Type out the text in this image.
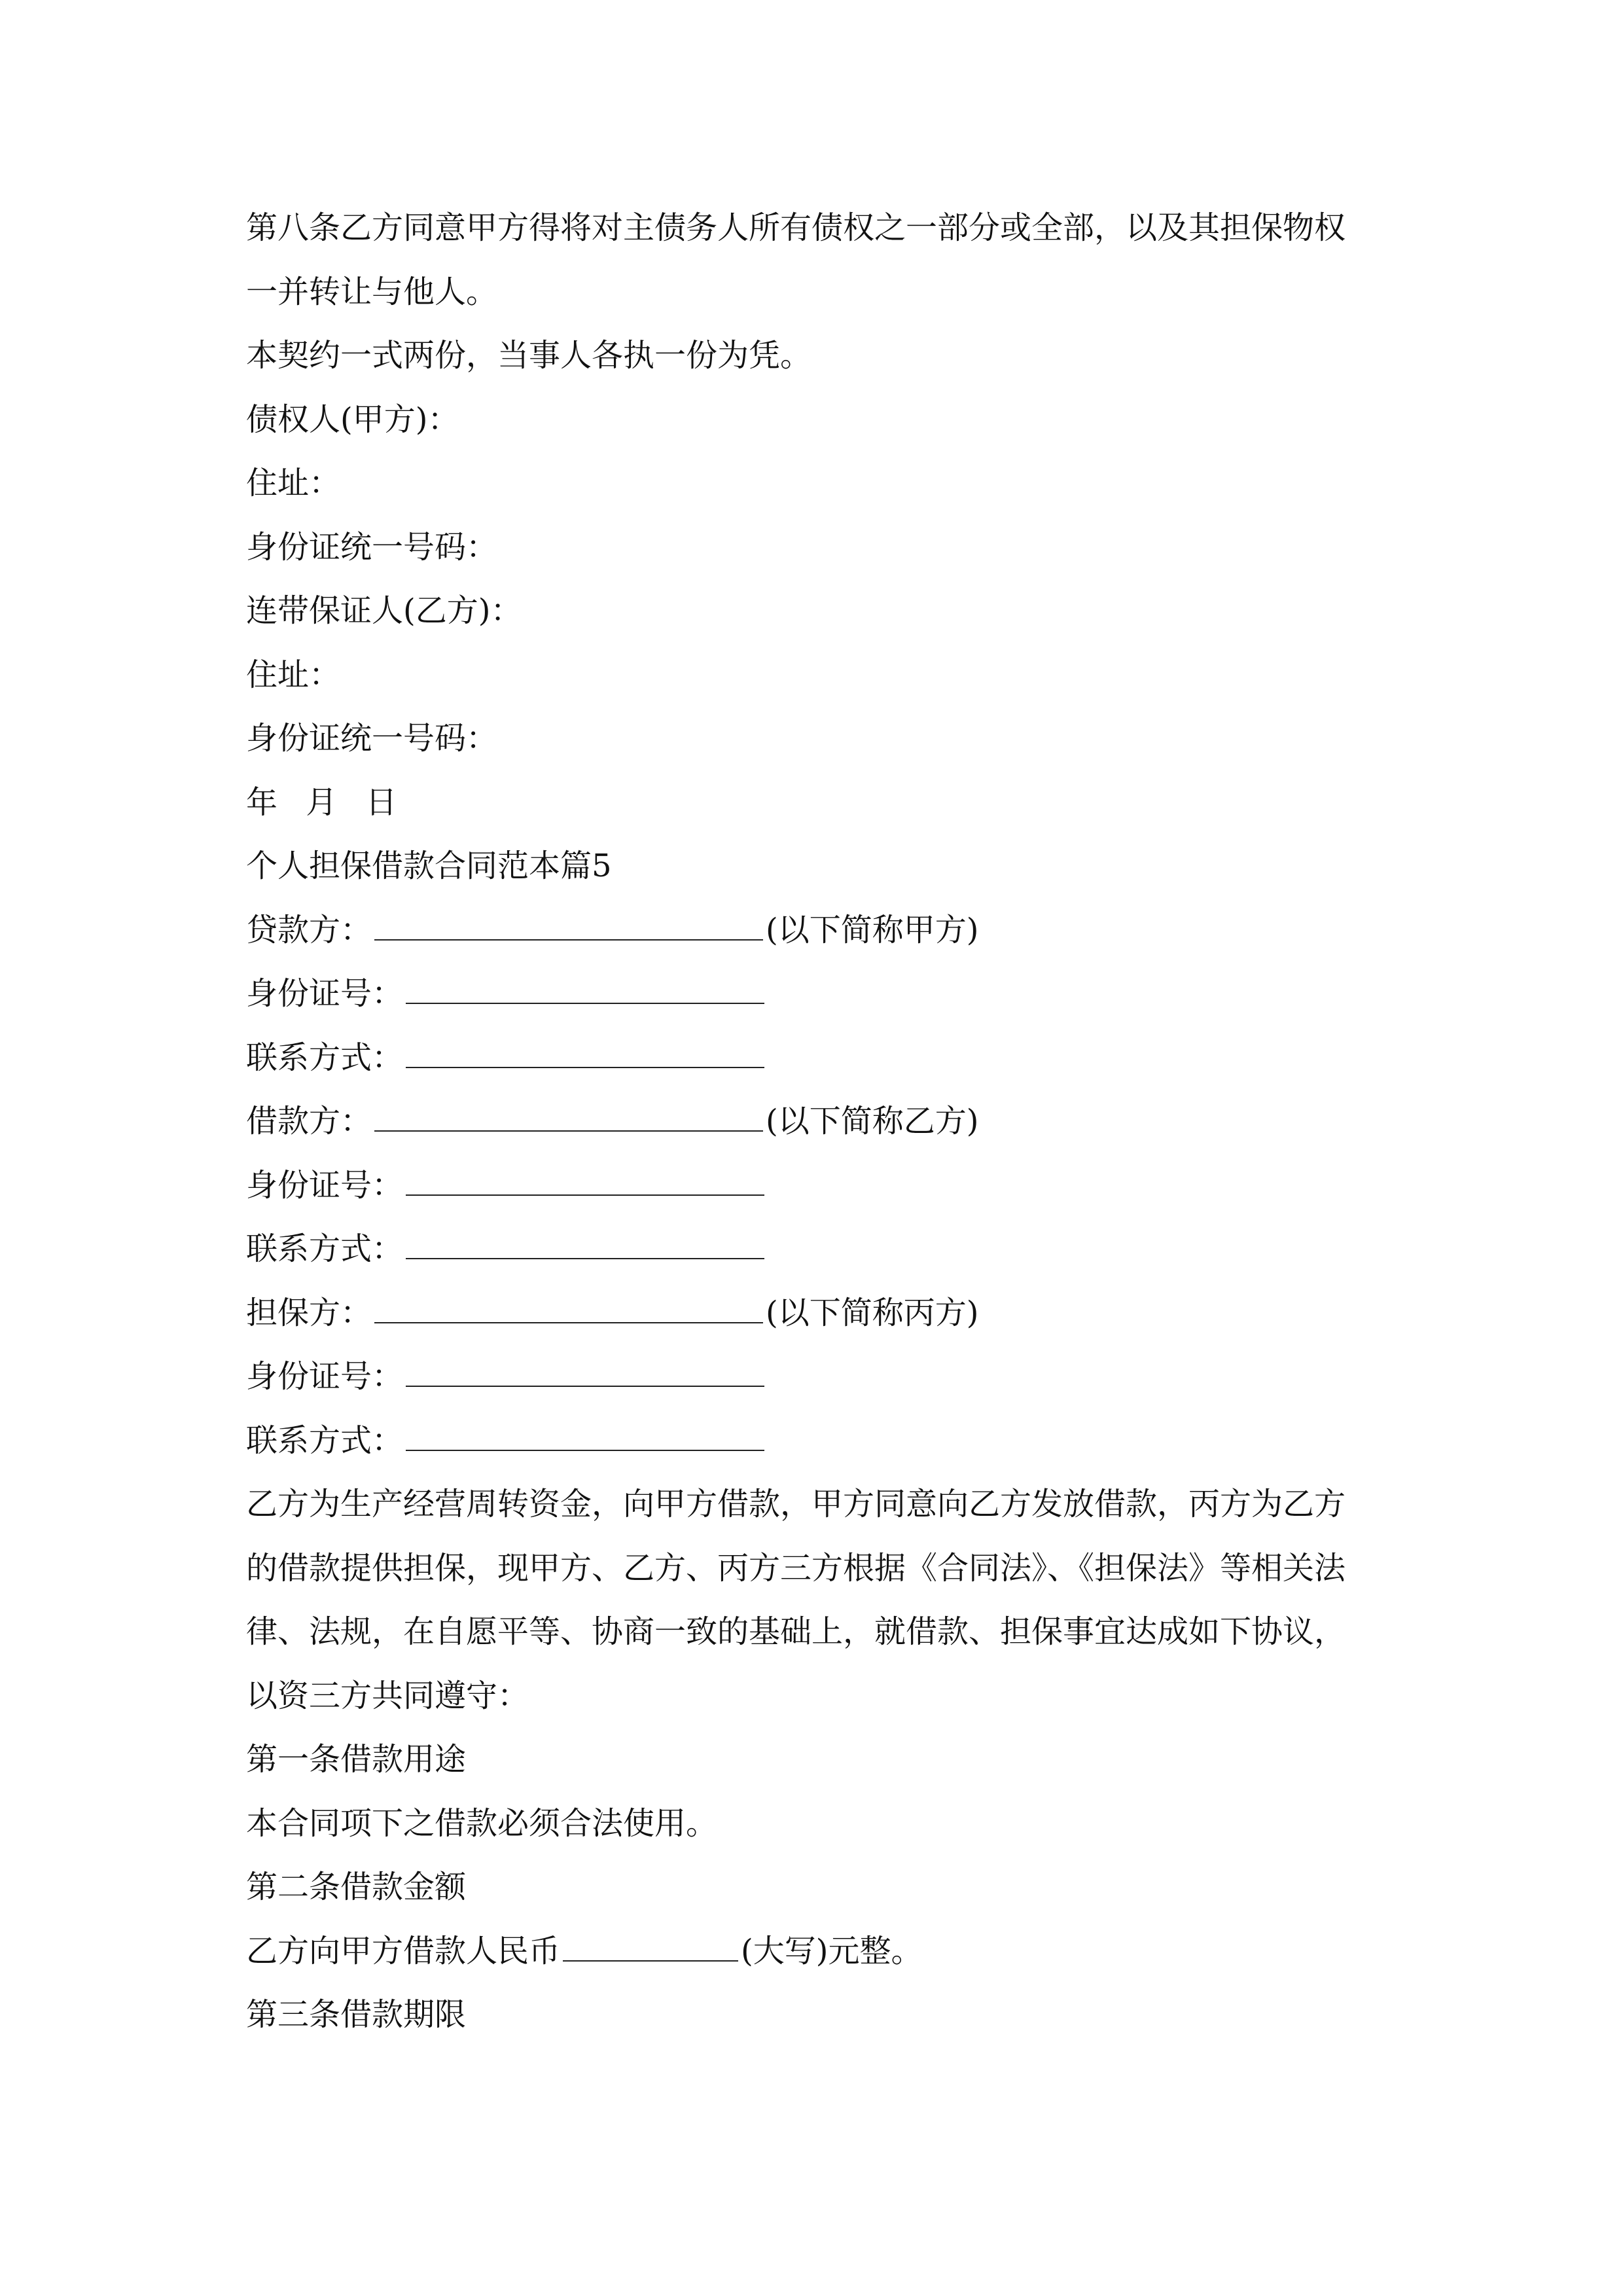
第八条乙方同意甲方得将对主债务人所有债权之一部分或全部，以及其担保物权
一并转让与他人。
本契约一式两份，当事人各执一份为凭。
债权人(甲方)：
住址：
身份证统一号码：
连带保证人(乙方)：
住址：
身份证统一号码：
年 月 日
个人担保借款合同范本篇5
贷款方：	(以下简称甲方)
身份证号：
联系方式：
借款方：	(以下简称乙方)
身份证号：
联系方式：
担保方：	(以下简称丙方)
身份证号：
联系方式：
乙方为生产经营周转资金，向甲方借款，甲方同意向乙方发放借款，丙方为乙方
的借款提供担保，现甲方、乙方、丙方三方根据《合同法》、《担保法》等相关法
律、法规，在自愿平等、协商一致的基础上，就借款、担保事宜达成如下协议，
以资三方共同遵守：
第一条借款用途
本合同项下之借款必须合法使用。
第二条借款金额
乙方向甲方借款人民币	(大写)元整。
第三条借款期限
